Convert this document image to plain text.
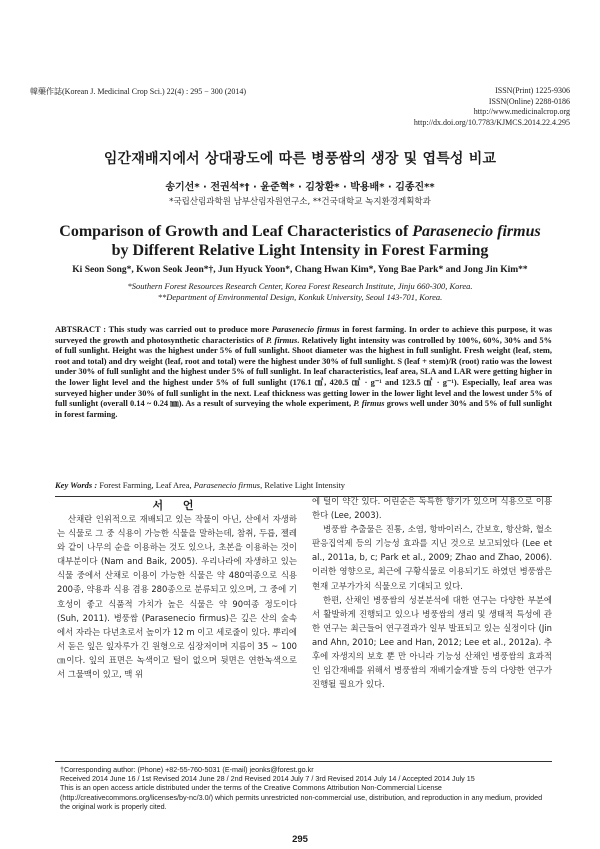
韓藥作誌(Korean J. Medicinal Crop Sci.) 22(4) : 295 − 300 (2014)	ISSN(Print) 1225-9306
ISSN(Online) 2288-0186
http://www.medicinalcrop.org
http://dx.doi.org/10.7783/KJMCS.2014.22.4.295
임간재배지에서 상대광도에 따른 병풍쌈의 생장 및 엽특성 비교
송기선* · 전권석*† · 윤준혁* · 김창환* · 박용배* · 김종진**
*국립산림과학원 남부산림자원연구소, **건국대학교 녹지환경계획학과
Comparison of Growth and Leaf Characteristics of Parasenecio firmus
by Different Relative Light Intensity in Forest Farming
Ki Seon Song*, Kwon Seok Jeon*†, Jun Hyuck Yoon*, Chang Hwan Kim*, Yong Bae Park* and Jong Jin Kim**
*Southern Forest Resources Research Center, Korea Forest Research Institute, Jinju 660-300, Korea.
**Department of Environmental Design, Konkuk University, Seoul 143-701, Korea.
ABTSRACT : This study was carried out to produce more Parasenecio firmus in forest farming. In order to achieve this purpose, it was surveyed the growth and photosynthetic characteristics of P. firmus. Relatively light intensity was controlled by 100%, 60%, 30% and 5% of full sunlight. Height was the highest under 5% of full sunlight. Shoot diameter was the highest in full sunlight. Fresh weight (leaf, stem, root and total) and dry weight (leaf, root and total) were the highest under 30% of full sunlight. S (leaf + stem)/R (root) ratio was the lowest under 30% of full sunlight and the highest under 5% of full sunlight. In leaf characteristics, leaf area, SLA and LAR were getting higher in the lower light level and the highest under 5% of full sunlight (176.1 ㎠, 420.5 ㎠ · g⁻¹ and 123.5 ㎠ · g⁻¹). Especially, leaf area was surveyed higher under 30% of full sunlight in the next. Leaf thickness was getting lower in the lower light level and the lowest under 5% of full sunlight (overall 0.14 ~ 0.24 ㎜). As a result of surveying the whole experiment, P. firmus grows well under 30% and 5% of full sunlight in forest farming.
Key Words : Forest Farming, Leaf Area, Parasenecio firmus, Relative Light Intensity
서 언

산채란 인위적으로 재배되고 있는 작물이 아닌, 산에서 자생하는 식물로 그 중 식용이 가능한 식물을 말하는데, 참취, 두릅, 젤레와 같이 나무의 순을 이용하는 것도 있으나, 초본을 이용하는 것이 대부분이다 (Nam and Baik, 2005). 우리나라에 자생하고 있는 식물 중에서 산채로 이용이 가능한 식물은 약 480여종으로 식용 200종, 약용과 식용 겸용 280종으로 분류되고 있으며, 그 중에 기호성이 좋고 식품적 가치가 높은 식물은 약 90여종 정도이다 (Suh, 2011). 병풍쌈 (Parasenecio firmus)은 깊은 산의 숲속에서 자라는 다년초로서 높이가 12 m 이고 세로줄이 있다. 뿌리에서 돋은 잎은 잎자루가 긴 원형으로 심장저이며 지름이 35 ~ 100 ㎝이다. 잎의 표면은 녹색이고 털이 없으며 뒷면은 연한녹색으로서 그물맥이 있고, 맥 위

에 털이 약간 있다. 어린순은 독특한 향기가 있으며 식용으로 이용한다 (Lee, 2003).

병풍쌈 추출물은 진통, 소염, 항바이러스, 간보호, 항산화, 혈소판응집억제 등의 기능성 효과를 지닌 것으로 보고되었다 (Lee et al., 2011a, b, c; Park et al., 2009; Zhao and Zhao, 2006). 이러한 영향으로, 최근에 구황식물로 이용되기도 하였던 병풍쌈은 현재 고부가가치 식물으로 기대되고 있다.

한편, 산채인 병풍쌈의 성분분석에 대한 연구는 다양한 부분에서 활발하게 진행되고 있으나 병풍쌈의 생리 및 생태적 특성에 관한 연구는 최근들어 연구결과가 일부 발표되고 있는 실정이다 (Jin and Ahn, 2010; Lee and Han, 2012; Lee et al., 2012a). 추후에 자생지의 보호 뿐 만 아니라 기능성 산채인 병풍쌈의 효과적인 임간재배를 위해서 병풍쌈의 재배기술개발 등의 다양한 연구가 진행될 필요가 있다.

†Corresponding author: (Phone) +82-55-760-5031 (E-mail) jeonks@forest.go.kr
Received 2014 June 16 / 1st Revised 2014 June 28 / 2nd Revised 2014 July 7 / 3rd Revised 2014 July 14 / Accepted 2014 July 15
This is an open access article distributed under the terms of the Creative Commons Attribution Non-Commercial License (http://creativecommons.org/licenses/by-nc/3.0/) which permits unrestricted non-commercial use, distribution, and reproduction in any medium, provided the original work is properly cited.
295
